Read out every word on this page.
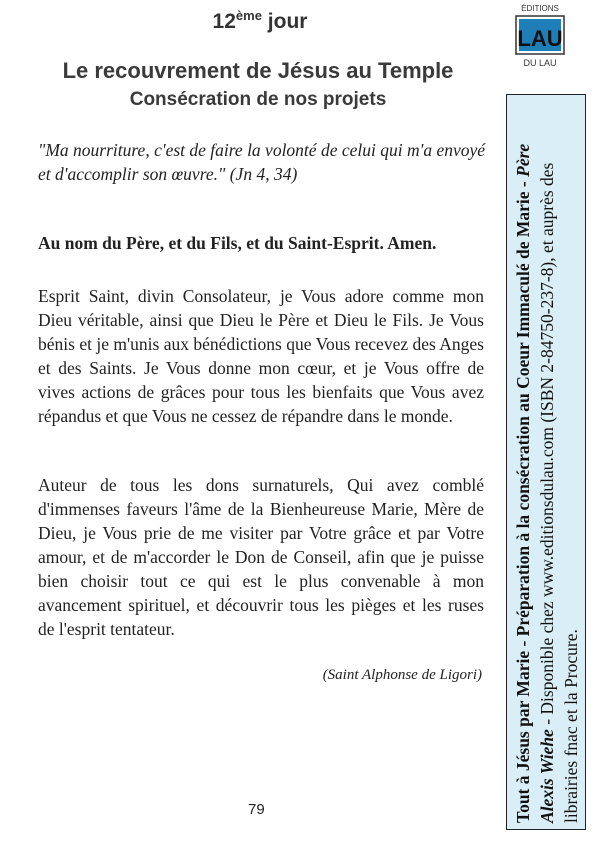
12ème jour
Le recouvrement de Jésus au Temple
Consécration de nos projets
ÉDITIONS
LAU
DU LAU
"Ma nourriture, c'est de faire la volonté de celui qui m'a envoyé et d'accomplir son œuvre." (Jn 4, 34)
Au nom du Père, et du Fils, et du Saint-Esprit. Amen.
Esprit Saint, divin Consolateur, je Vous adore comme mon Dieu véritable, ainsi que Dieu le Père et Dieu le Fils. Je Vous bénis et je m'unis aux bénédictions que Vous recevez des Anges et des Saints. Je Vous donne mon cœur, et je Vous offre de vives actions de grâces pour tous les bienfaits que Vous avez répandus et que Vous ne cessez de répandre dans le monde.
Auteur de tous les dons surnaturels, Qui avez comblé d'immenses faveurs l'âme de la Bienheureuse Marie, Mère de Dieu, je Vous prie de me visiter par Votre grâce et par Votre amour, et de m'accorder le Don de Conseil, afin que je puisse bien choisir tout ce qui est le plus convenable à mon avancement spirituel, et découvrir tous les pièges et les ruses de l'esprit tentateur.
(Saint Alphonse de Ligori)
79	Tout à Jésus par Marie - Préparation à la consécration au Coeur Immaculé de Marie - Père Alexis Wiehe - Disponible chez www.editionsdulau.com (ISBN 2-84750-237-8), et auprès des librairies fnac et la Procure.
